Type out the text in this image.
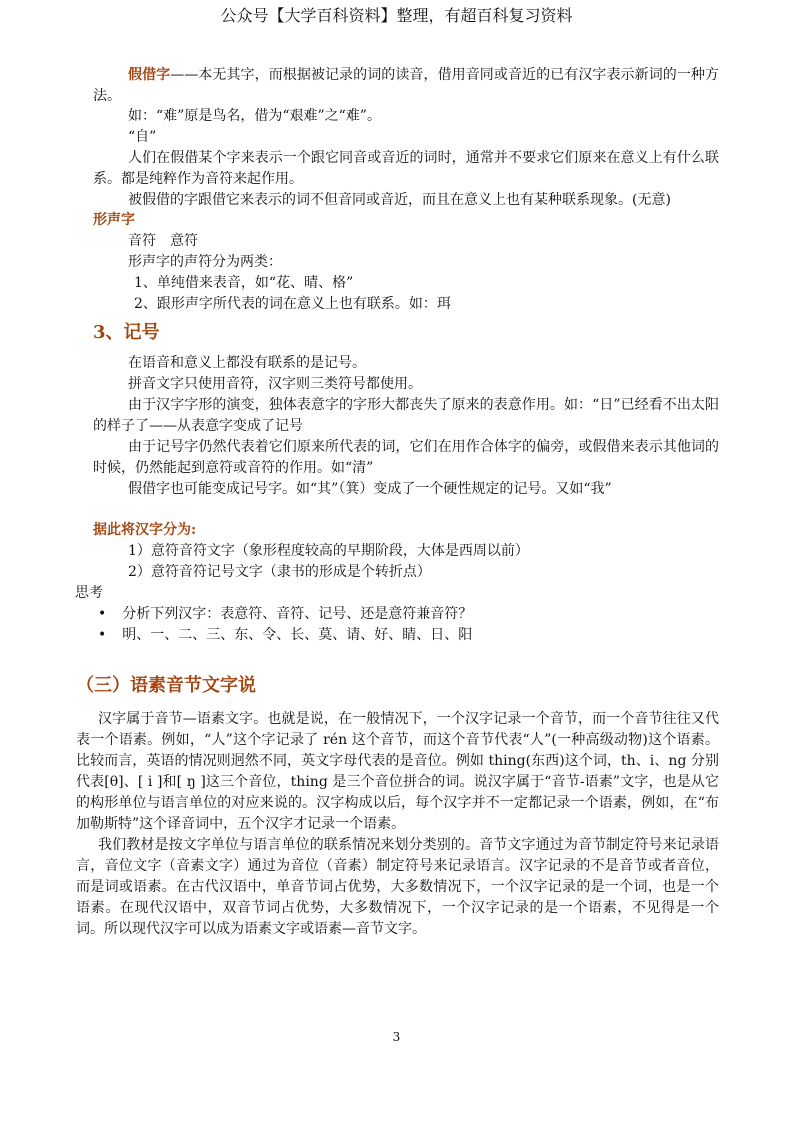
公众号【大学百科资料】整理，有超百科复习资料
假借字——本无其字，而根据被记录的词的读音，借用音同或音近的已有汉字表示新词的一种方法。
如：“难”原是鸟名，借为“艰难”之“难”。
“自”
人们在假借某个字来表示一个跟它同音或音近的词时，通常并不要求它们原来在意义上有什么联系。都是纯粹作为音符来起作用。
被假借的字跟借它来表示的词不但音同或音近，而且在意义上也有某种联系现象。(无意)
形声字
音符　意符
形声字的声符分为两类：
1、单纯借来表音，如“花、晴、格”
2、跟形声字所代表的词在意义上也有联系。如：珥
3、记号
在语音和意义上都没有联系的是记号。
拼音文字只使用音符，汉字则三类符号都使用。
由于汉字字形的演变，独体表意字的字形大都丧失了原来的表意作用。如：“日”已经看不出太阳的样子了——从表意字变成了记号
由于记号字仍然代表着它们原来所代表的词，它们在用作合体字的偏旁，或假借来表示其他词的时候，仍然能起到意符或音符的作用。如“清”
假借字也可能变成记号字。如“其”（箕）变成了一个硬性规定的记号。又如“我”
据此将汉字分为:
1）意符音符文字（象形程度较高的早期阶段，大体是西周以前）
2）意符音符记号文字（隶书的形成是个转折点）
思考
• 分析下列汉字：表意符、音符、记号、还是意符兼音符？
• 明、一、二、三、东、令、长、莫、请、好、睛、日、阳
（三）语素音节文字说
汉字属于音节—语素文字。也就是说，在一般情况下，一个汉字记录一个音节，而一个音节往往又代表一个语素。例如，“人”这个字记录了 rén 这个音节，而这个音节代表“人”(一种高级动物)这个语素。比较而言，英语的情况则迥然不同，英文字母代表的是音位。例如 thing(东西)这个词，th、i、ng 分别代表[θ]、[ i ]和[ ŋ ]这三个音位，thing 是三个音位拼合的词。说汉字属于“音节-语素”文字，也是从它的构形单位与语言单位的对应来说的。汉字构成以后，每个汉字并不一定都记录一个语素，例如，在“布加勒斯特”这个译音词中，五个汉字才记录一个语素。
我们教材是按文字单位与语言单位的联系情况来划分类别的。音节文字通过为音节制定符号来记录语言，音位文字（音素文字）通过为音位（音素）制定符号来记录语言。汉字记录的不是音节或者音位，而是词或语素。在古代汉语中，单音节词占优势，大多数情况下，一个汉字记录的是一个词，也是一个语素。在现代汉语中，双音节词占优势，大多数情况下，一个汉字记录的是一个语素，不见得是一个词。所以现代汉字可以成为语素文字或语素—音节文字。
3
